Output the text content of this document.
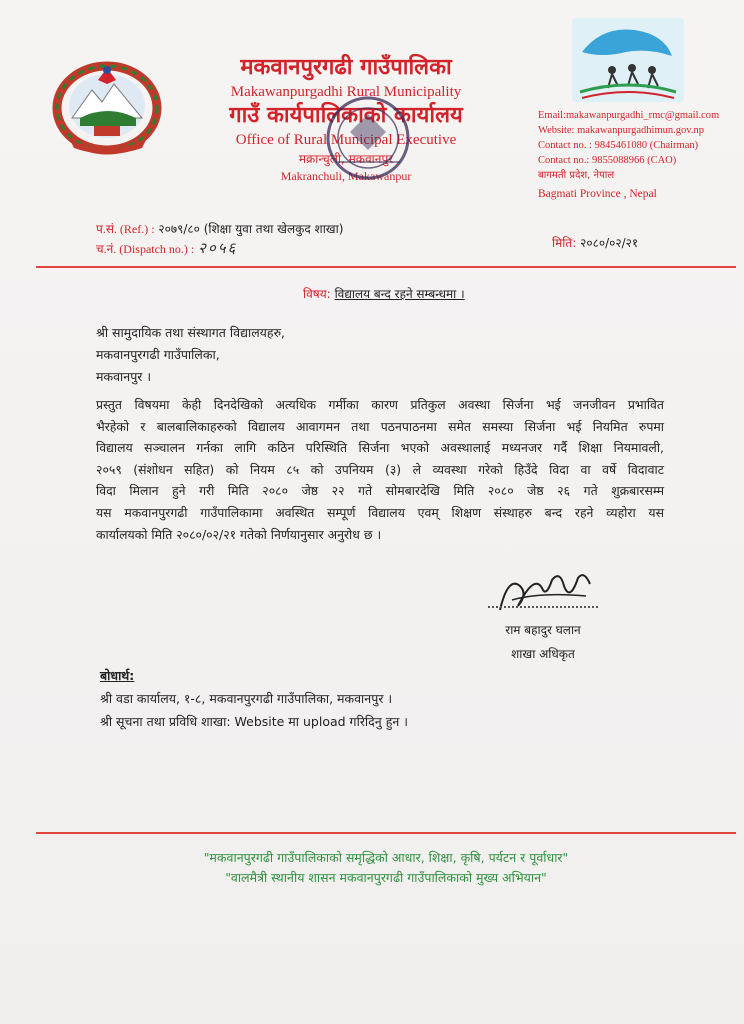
मकवानपुरगढी गाउँपालिका
Makawanpurgadhi Rural Municipality
गाउँ कार्यपालिकाको कार्यालय
Office of Rural Municipal Executive
मक्रान्चुली, मकवानपुर
Makranchuli, Makawanpur
Email:makawanpurgadhi_rmc@gmail.com
Website: makawanpurgadhimun.gov.np
Contact no. : 9845461080 (Chairman)
Contact no.: 9855088966 (CAO)
बागमती प्रदेश, नेपाल
Bagmati Province , Nepal
प.सं. (Ref.) : २०७९/८० (शिक्षा युवा तथा खेलकुद शाखा)
च.नं. (Dispatch no.) : २०५६	मिति: २०८०/०२/२१
विषय: विद्यालय बन्द रहने सम्बन्धमा ।
श्री सामुदायिक तथा संस्थागत विद्यालयहरु,
मकवानपुरगढी गाउँपालिका,
मकवानपुर ।
प्रस्तुत विषयमा केही दिनदेखिको अत्यधिक गर्मीका कारण प्रतिकुल अवस्था सिर्जना भई जनजीवन प्रभावित
भैरहेको र बालबालिकाहरुको विद्यालय आवागमन तथा पठनपाठनमा समेत समस्या सिर्जना भई नियमित रुपमा
विद्यालय सञ्चालन गर्नका लागि कठिन परिस्थिति सिर्जना भएको अवस्थालाई मध्यनजर गर्दै शिक्षा नियमावली,
२०५९ (संशोधन सहित) को नियम ८५ को उपनियम (३) ले व्यवस्था गरेको हिउँदे विदा वा वर्षे विदावाट
विदा मिलान हुने गरी मिति २०८० जेष्ठ २२ गते सोमबारदेखि मिति २०८० जेष्ठ २६ गते शुक्रबारसम्म
यस मकवानपुरगढी गाउँपालिकामा अवस्थित सम्पूर्ण विद्यालय एवम् शिक्षण संस्थाहरु बन्द रहने व्यहोरा यस
कार्यालयको मिति २०८०/०२/२१ गतेको निर्णयानुसार अनुरोध छ ।
राम बहादुर घलान
शाखा अधिकृत
बोधार्थ:
श्री वडा कार्यालय, १-८, मकवानपुरगढी गाउँपालिका, मकवानपुर ।
श्री सूचना तथा प्रविधि शाखा: Website मा upload गरिदिनु हुन ।
"मकवानपुरगढी गाउँपालिकाको समृद्धिको आधार, शिक्षा, कृषि, पर्यटन र पूर्वाधार"
"वालमैत्री स्थानीय शासन मकवानपुरगढी गाउँपालिकाको मुख्य अभियान"
